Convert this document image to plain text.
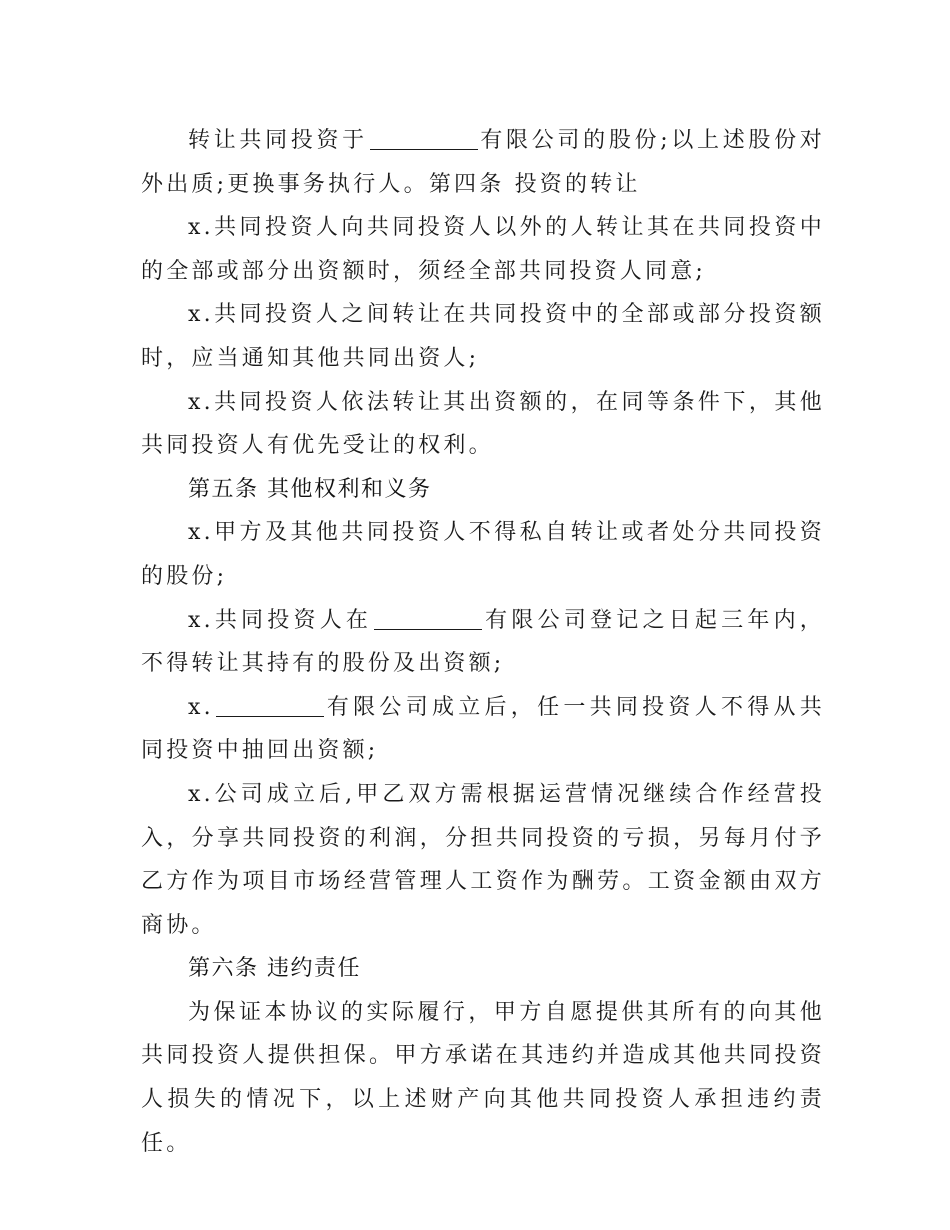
转让共同投资于	有限公司的股份;以上述股份对外出质;更换事务执行人。第四条 投资的转让

x.共同投资人向共同投资人以外的人转让其在共同投资中的全部或部分出资额时，须经全部共同投资人同意;

x.共同投资人之间转让在共同投资中的全部或部分投资额时，应当通知其他共同出资人;

x.共同投资人依法转让其出资额的，在同等条件下，其他共同投资人有优先受让的权利。

第五条 其他权利和义务

x.甲方及其他共同投资人不得私自转让或者处分共同投资的股份;

x.共同投资人在	有限公司登记之日起三年内，不得转让其持有的股份及出资额;

x.	有限公司成立后，任一共同投资人不得从共同投资中抽回出资额;

x.公司成立后,甲乙双方需根据运营情况继续合作经营投入，分享共同投资的利润，分担共同投资的亏损，另每月付予乙方作为项目市场经营管理人工资作为酬劳。工资金额由双方商协。

第六条 违约责任

为保证本协议的实际履行，甲方自愿提供其所有的向其他共同投资人提供担保。甲方承诺在其违约并造成其他共同投资人损失的情况下，以上述财产向其他共同投资人承担违约责任。
